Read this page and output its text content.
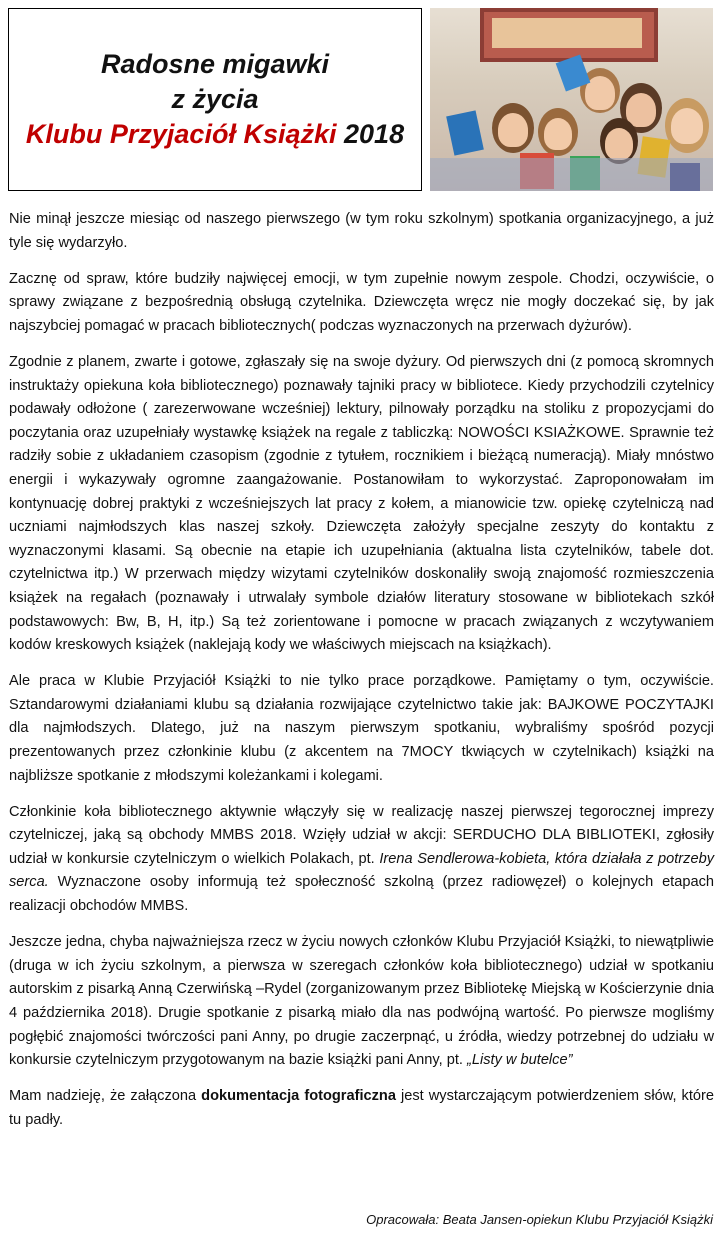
Radosne migawki
z życia
Klubu Przyjaciół Książki 2018

Nie minął jeszcze miesiąc od naszego pierwszego (w tym roku szkolnym) spotkania organizacyjnego, a już tyle się wydarzyło.

Zacznę od spraw, które budziły najwięcej emocji, w tym zupełnie nowym zespole. Chodzi, oczywiście, o sprawy związane z bezpośrednią obsługą czytelnika. Dziewczęta wręcz nie mogły doczekać się, by jak najszybciej pomagać w pracach bibliotecznych( podczas wyznaczonych na przerwach dyżurów).

Zgodnie z planem, zwarte i gotowe, zgłaszały się na swoje dyżury. Od pierwszych dni (z pomocą skromnych instruktaży opiekuna koła bibliotecznego) poznawały tajniki pracy w bibliotece. Kiedy przychodzili czytelnicy podawały odłożone ( zarezerwowane wcześniej) lektury, pilnowały porządku na stoliku z propozycjami do poczytania oraz uzupełniały wystawkę książek na regale z tabliczką: NOWOŚCI KSIAŻKOWE. Sprawnie też radziły sobie z układaniem czasopism (zgodnie z tytułem, rocznikiem i bieżącą numeracją). Miały mnóstwo energii i wykazywały ogromne zaangażowanie. Postanowiłam to wykorzystać. Zaproponowałam im kontynuację dobrej praktyki z wcześniejszych lat pracy z kołem, a mianowicie tzw. opiekę czytelniczą nad uczniami najmłodszych klas naszej szkoły. Dziewczęta założyły specjalne zeszyty do kontaktu z wyznaczonymi klasami. Są obecnie na etapie ich uzupełniania (aktualna lista czytelników, tabele dot. czytelnictwa itp.) W przerwach między wizytami czytelników doskonaliły swoją znajomość rozmieszczenia książek na regałach (poznawały i utrwalały symbole działów literatury stosowane w bibliotekach szkół podstawowych: Bw, B, H, itp.) Są też zorientowane i pomocne w pracach związanych z wczytywaniem kodów kreskowych książek (naklejają kody we właściwych miejscach na książkach).

Ale praca w Klubie Przyjaciół Książki to nie tylko prace porządkowe. Pamiętamy o tym, oczywiście. Sztandarowymi działaniami klubu są działania rozwijające czytelnictwo takie jak: BAJKOWE POCZYTAJKI dla najmłodszych. Dlatego, już na naszym pierwszym spotkaniu, wybraliśmy spośród pozycji prezentowanych przez członkinie klubu (z akcentem na 7MOCY tkwiących w czytelnikach) książki na najbliższe spotkanie z młodszymi koleżankami i kolegami.

Członkinie koła bibliotecznego aktywnie włączyły się w realizację naszej pierwszej tegorocznej imprezy czytelniczej, jaką są obchody MMBS 2018. Wzięły udział w akcji: SERDUCHO DLA BIBLIOTEKI, zgłosiły udział w konkursie czytelniczym o wielkich Polakach, pt. Irena Sendlerowa-kobieta, która działała z potrzeby serca. Wyznaczone osoby informują też społeczność szkolną (przez radiowęzeł) o kolejnych etapach realizacji obchodów MMBS.

Jeszcze jedna, chyba najważniejsza rzecz w życiu nowych członków Klubu Przyjaciół Książki, to niewątpliwie (druga w ich życiu szkolnym, a pierwsza w szeregach członków koła bibliotecznego) udział w spotkaniu autorskim z pisarką Anną Czerwińską –Rydel (zorganizowanym przez Bibliotekę Miejską w Kościerzynie dnia 4 października 2018). Drugie spotkanie z pisarką miało dla nas podwójną wartość. Po pierwsze mogliśmy pogłębić znajomości twórczości pani Anny, po drugie zaczerpnąć, u źródła, wiedzy potrzebnej do udziału w konkursie czytelniczym przygotowanym na bazie książki pani Anny, pt. „Listy w butelce”

Mam nadzieję, że załączona dokumentacja fotograficzna jest wystarczającym potwierdzeniem słów, które tu padły.

Opracowała: Beata Jansen-opiekun Klubu Przyjaciół Książki
